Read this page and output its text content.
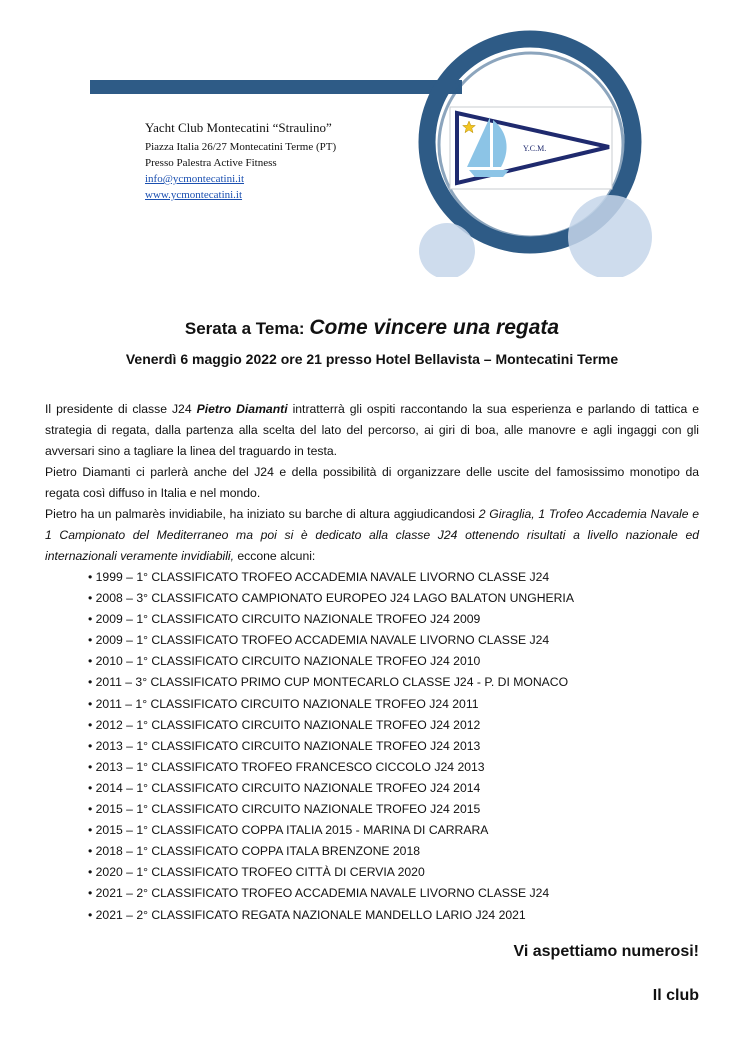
Y.C.M.
Yacht Club Montecatini “Straulino”
Piazza Italia 26/27 Montecatini Terme (PT)
Presso Palestra Active Fitness
info@ycmontecatini.it
www.ycmontecatini.it
Serata a Tema: Come vincere una regata
Venerdì 6 maggio 2022 ore 21 presso Hotel Bellavista – Montecatini Terme

Il presidente di classe J24 Pietro Diamanti intratterrà gli ospiti raccontando la sua esperienza e parlando di tattica e strategia di regata, dalla partenza alla scelta del lato del percorso, ai giri di boa, alle manovre e agli ingaggi con gli avversari sino a tagliare la linea del traguardo in testa.

Pietro Diamanti ci parlerà anche del J24 e della possibilità di organizzare delle uscite del famosissimo monotipo da regata così diffuso in Italia e nel mondo.

Pietro ha un palmarès invidiabile, ha iniziato su barche di altura aggiudicandosi 2 Giraglia, 1 Trofeo Accademia Navale e 1 Campionato del Mediterraneo ma poi si è dedicato alla classe J24 ottenendo risultati a livello nazionale ed internazionali veramente invidiabili, eccone alcuni:

• 1999 – 1° CLASSIFICATO TROFEO ACCADEMIA NAVALE LIVORNO CLASSE J24
• 2008 – 3° CLASSIFICATO CAMPIONATO EUROPEO J24 LAGO BALATON UNGHERIA
• 2009 – 1° CLASSIFICATO CIRCUITO NAZIONALE TROFEO J24 2009
• 2009 – 1° CLASSIFICATO TROFEO ACCADEMIA NAVALE LIVORNO CLASSE J24
• 2010 – 1° CLASSIFICATO CIRCUITO NAZIONALE TROFEO J24 2010
• 2011 – 3° CLASSIFICATO PRIMO CUP MONTECARLO CLASSE J24 - P. DI MONACO
• 2011 – 1° CLASSIFICATO CIRCUITO NAZIONALE TROFEO J24 2011
• 2012 – 1° CLASSIFICATO CIRCUITO NAZIONALE TROFEO J24 2012
• 2013 – 1° CLASSIFICATO CIRCUITO NAZIONALE TROFEO J24 2013
• 2013 – 1° CLASSIFICATO TROFEO FRANCESCO CICCOLO J24 2013
• 2014 – 1° CLASSIFICATO CIRCUITO NAZIONALE TROFEO J24 2014
• 2015 – 1° CLASSIFICATO CIRCUITO NAZIONALE TROFEO J24 2015
• 2015 – 1° CLASSIFICATO COPPA ITALIA 2015 - MARINA DI CARRARA
• 2018 – 1° CLASSIFICATO COPPA ITALA BRENZONE 2018
• 2020 – 1° CLASSIFICATO TROFEO CITTÀ DI CERVIA 2020
• 2021 – 2° CLASSIFICATO TROFEO ACCADEMIA NAVALE LIVORNO CLASSE J24
• 2021 – 2° CLASSIFICATO REGATA NAZIONALE MANDELLO LARIO J24 2021
Vi aspettiamo numerosi!
Il club
